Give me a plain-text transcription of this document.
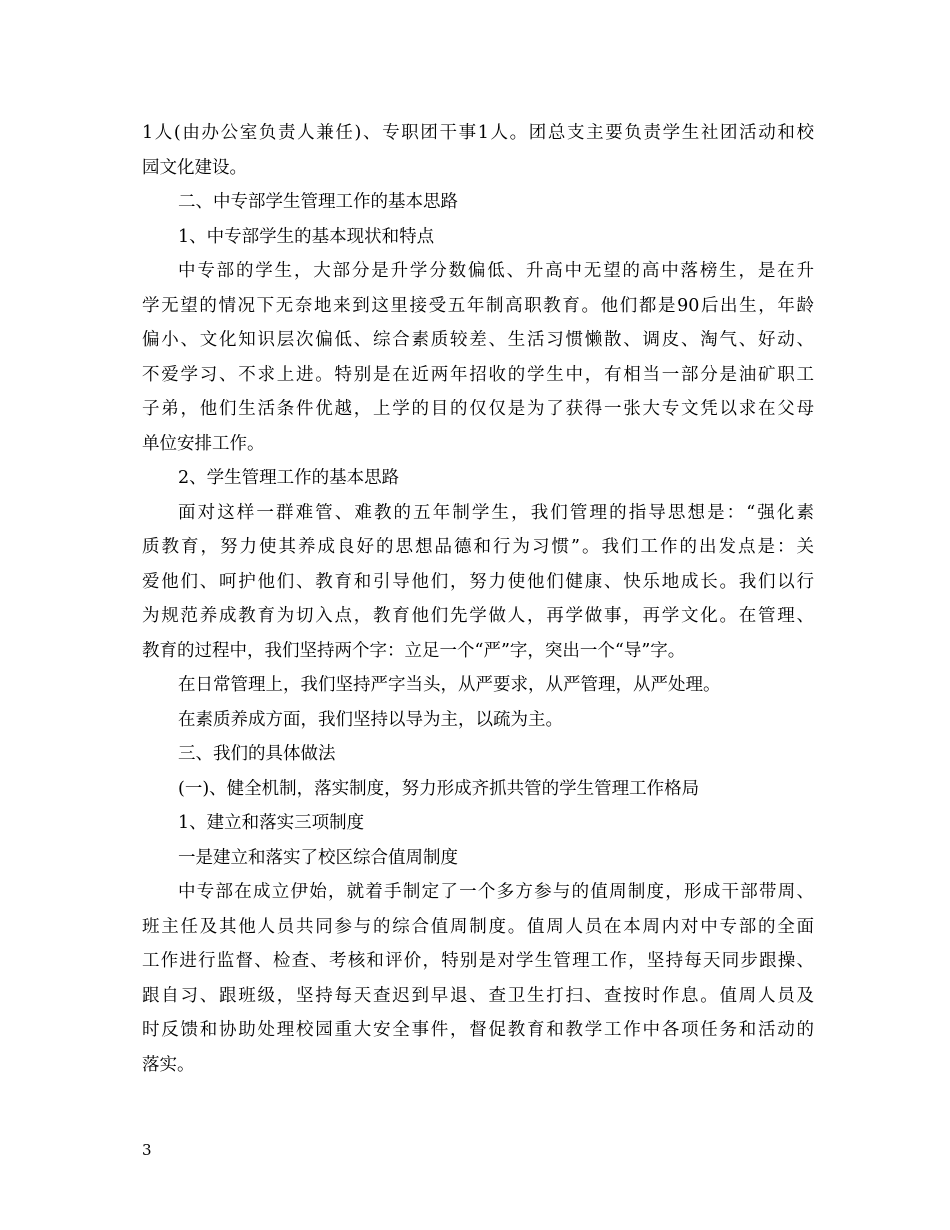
1人(由办公室负责人兼任)、专职团干事1人。团总支主要负责学生社团活动和校
园文化建设。
二、中专部学生管理工作的基本思路
1、中专部学生的基本现状和特点
中专部的学生，大部分是升学分数偏低、升高中无望的高中落榜生，是在升
学无望的情况下无奈地来到这里接受五年制高职教育。他们都是90后出生，年龄
偏小、文化知识层次偏低、综合素质较差、生活习惯懒散、调皮、淘气、好动、
不爱学习、不求上进。特别是在近两年招收的学生中，有相当一部分是油矿职工
子弟，他们生活条件优越，上学的目的仅仅是为了获得一张大专文凭以求在父母
单位安排工作。
2、学生管理工作的基本思路
面对这样一群难管、难教的五年制学生，我们管理的指导思想是：“强化素
质教育，努力使其养成良好的思想品德和行为习惯”。我们工作的出发点是：关
爱他们、呵护他们、教育和引导他们，努力使他们健康、快乐地成长。我们以行
为规范养成教育为切入点，教育他们先学做人，再学做事，再学文化。在管理、
教育的过程中，我们坚持两个字：立足一个“严”字，突出一个“导”字。
在日常管理上，我们坚持严字当头，从严要求，从严管理，从严处理。
在素质养成方面，我们坚持以导为主，以疏为主。
三、我们的具体做法
(一)、健全机制，落实制度，努力形成齐抓共管的学生管理工作格局
1、建立和落实三项制度
一是建立和落实了校区综合值周制度
中专部在成立伊始，就着手制定了一个多方参与的值周制度，形成干部带周、
班主任及其他人员共同参与的综合值周制度。值周人员在本周内对中专部的全面
工作进行监督、检查、考核和评价，特别是对学生管理工作，坚持每天同步跟操、
跟自习、跟班级，坚持每天查迟到早退、查卫生打扫、查按时作息。值周人员及
时反馈和协助处理校园重大安全事件，督促教育和教学工作中各项任务和活动的
落实。
3
